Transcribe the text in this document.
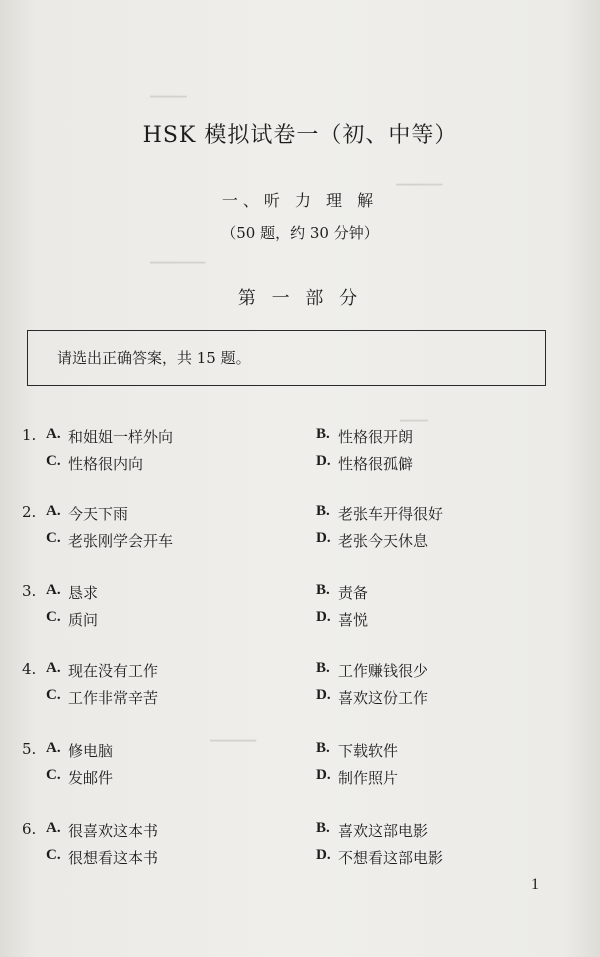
▔▔▔▔
▔▔▔▔▔
▔▔▔▔▔▔
▔▔▔
▔▔▔▔▔
HSK 模拟试卷一（初、中等）
一、听 力 理 解
（50 题，约 30 分钟）
第 一 部 分
请选出正确答案，共 15 题。
1. A. 和姐姐一样外向	B. 性格很开朗
C. 性格很内向	D. 性格很孤僻
2. A. 今天下雨	B. 老张车开得很好
C. 老张刚学会开车	D. 老张今天休息
3. A. 恳求	B. 责备
C. 质问	D. 喜悦
4. A. 现在没有工作	B. 工作赚钱很少
C. 工作非常辛苦	D. 喜欢这份工作
5. A. 修电脑	B. 下载软件
C. 发邮件	D. 制作照片
6. A. 很喜欢这本书	B. 喜欢这部电影
C. 很想看这本书	D. 不想看这部电影
1
